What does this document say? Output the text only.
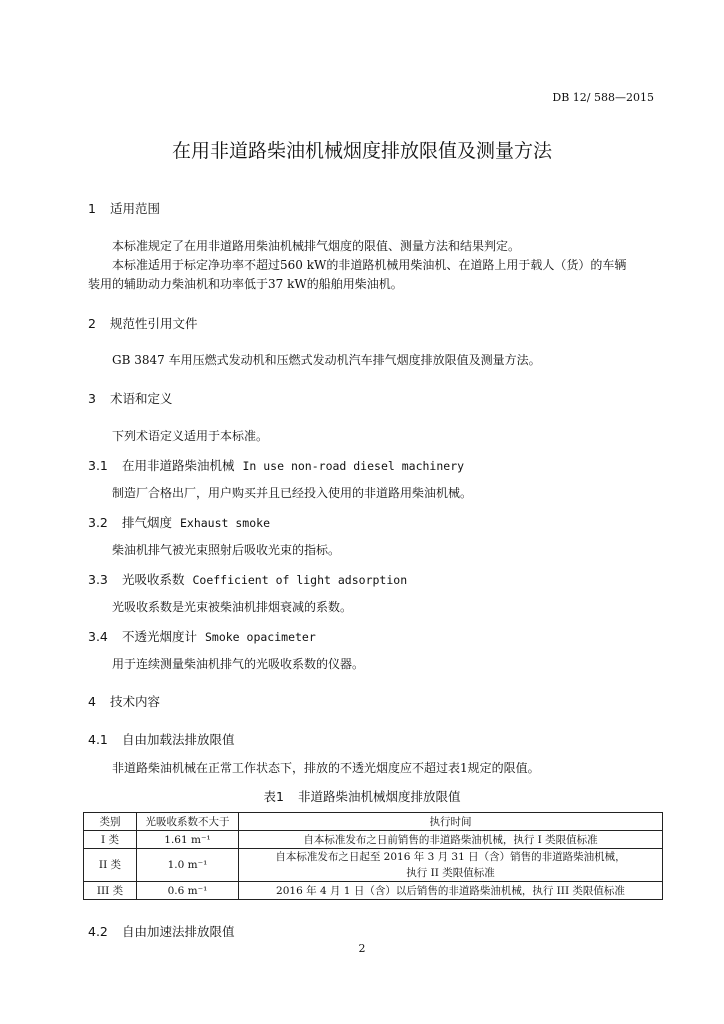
DB 12/ 588—2015
在用非道路柴油机械烟度排放限值及测量方法
1 适用范围
本标准规定了在用非道路用柴油机械排气烟度的限值、测量方法和结果判定。
本标准适用于标定净功率不超过560 kW的非道路机械用柴油机、在道路上用于载人（货）的车辆
装用的辅助动力柴油机和功率低于37 kW的船舶用柴油机。
2 规范性引用文件
GB 3847 车用压燃式发动机和压燃式发动机汽车排气烟度排放限值及测量方法。
3 术语和定义
下列术语定义适用于本标准。
3.1 在用非道路柴油机械 In use non-road diesel machinery
制造厂合格出厂，用户购买并且已经投入使用的非道路用柴油机械。
3.2 排气烟度 Exhaust smoke
柴油机排气被光束照射后吸收光束的指标。
3.3 光吸收系数 Coefficient of light adsorption
光吸收系数是光束被柴油机排烟衰减的系数。
3.4 不透光烟度计 Smoke opacimeter
用于连续测量柴油机排气的光吸收系数的仪器。
4 技术内容
4.1 自由加载法排放限值
非道路柴油机械在正常工作状态下，排放的不透光烟度应不超过表1规定的限值。
表1 非道路柴油机械烟度排放限值
类别	光吸收系数不大于	执行时间
I 类	1.61 m⁻¹	自本标准发布之日前销售的非道路柴油机械，执行 I 类限值标准
II 类	1.0 m⁻¹	自本标准发布之日起至 2016 年 3 月 31 日（含）销售的非道路柴油机械，
执行 II 类限值标准

III 类	0.6 m⁻¹	2016 年 4 月 1 日（含）以后销售的非道路柴油机械，执行 III 类限值标准
4.2 自由加速法排放限值
2
